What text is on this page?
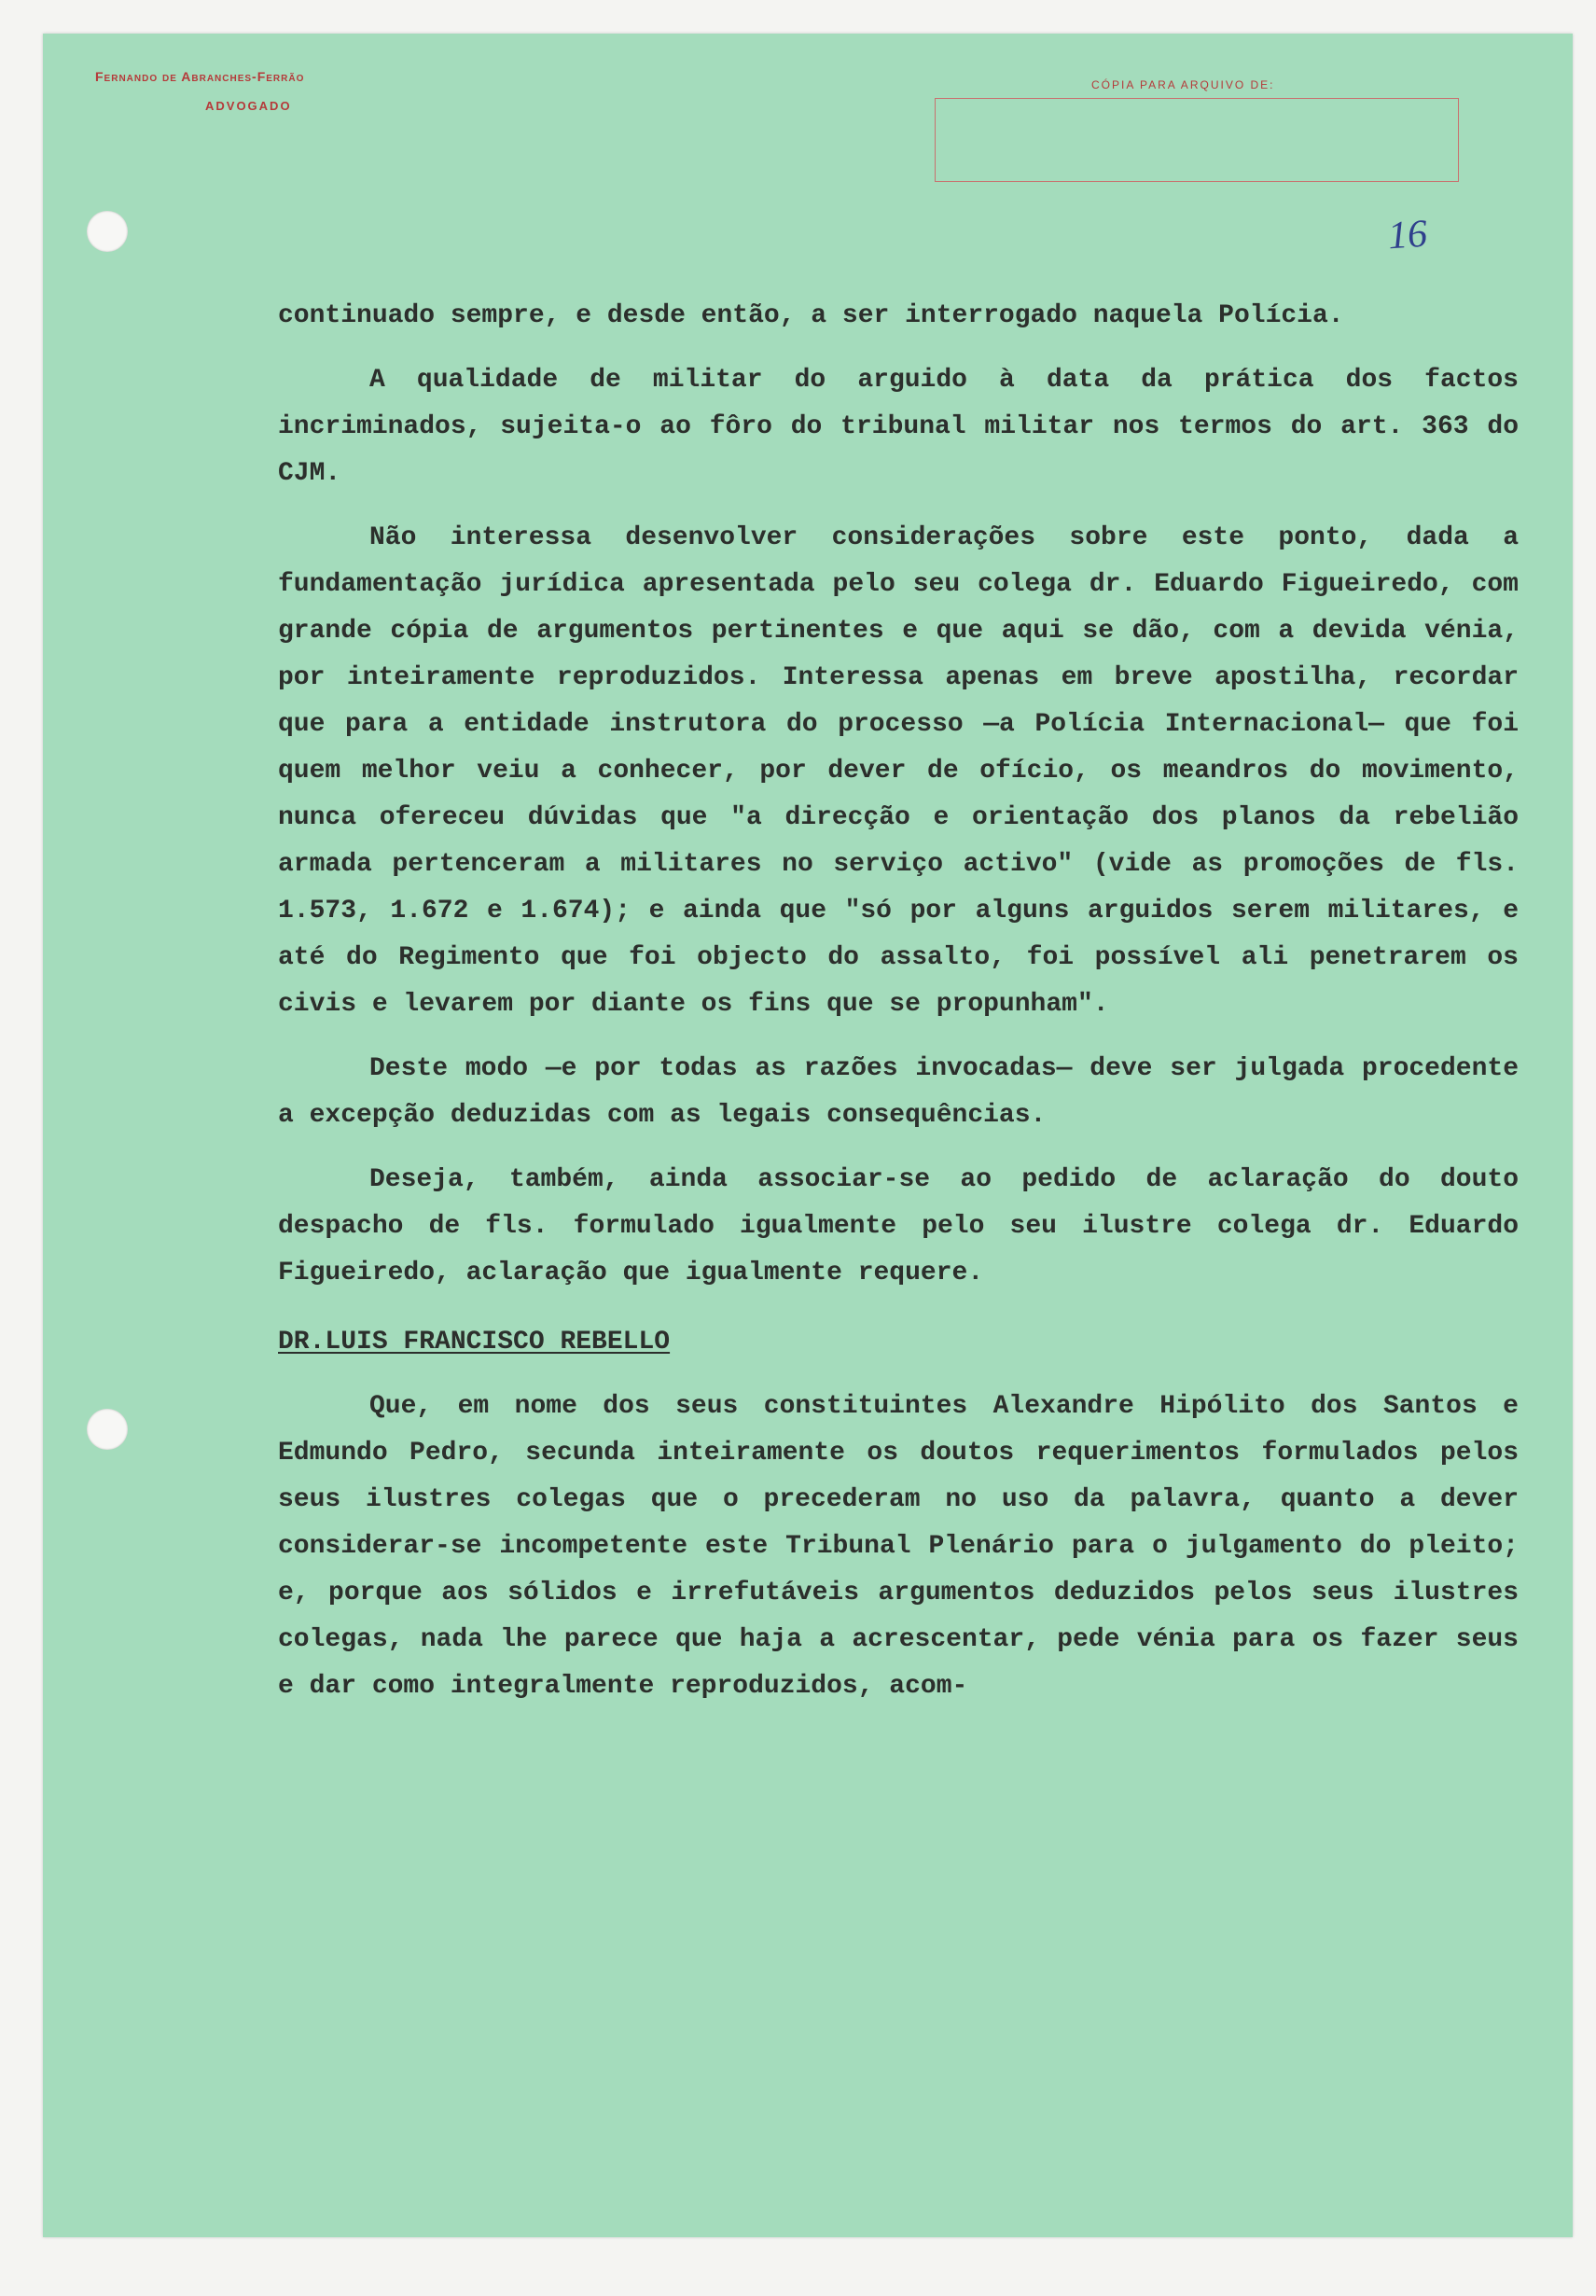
Fernando de Abranches-Ferrão
ADVOGADO
CÓPIA PARA ARQUIVO DE:
16

continuado sempre, e desde então, a ser interrogado naquela Polícia.

A qualidade de militar do arguido à data da prática dos factos incriminados, sujeita-o ao fôro do tribunal militar nos termos do art. 363 do CJM.

Não interessa desenvolver considerações sobre este ponto, dada a fundamentação jurídica apresentada pelo seu colega dr. Eduardo Figueiredo, com grande cópia de argumentos pertinentes e que aqui se dão, com a devida vénia, por inteiramente reproduzidos. Interessa apenas em breve apostilha, recordar que para a entidade instrutora do processo —a Polícia Internacional— que foi quem melhor veiu a conhecer, por dever de ofício, os meandros do movimento, nunca ofereceu dúvidas que "a direcção e orientação dos planos da rebelião armada pertenceram a militares no serviço activo" (vide as promoções de fls. 1.573, 1.672 e 1.674); e ainda que "só por alguns arguidos serem militares, e até do Regimento que foi objecto do assalto, foi possível ali penetrarem os civis e levarem por diante os fins que se propunham".

Deste modo —e por todas as razões invocadas— deve ser julgada procedente a excepção deduzidas com as legais consequências.

Deseja, também, ainda associar-se ao pedido de aclaração do douto despacho de fls. formulado igualmente pelo seu ilustre colega dr. Eduardo Figueiredo, aclaração que igualmente requere.

DR.LUIS FRANCISCO REBELLO

Que, em nome dos seus constituintes Alexandre Hipólito dos Santos e Edmundo Pedro, secunda inteiramente os doutos requerimentos formulados pelos seus ilustres colegas que o precederam no uso da palavra, quanto a dever considerar-se incompetente este Tribunal Plenário para o julgamento do pleito; e, porque aos sólidos e irrefutáveis argumentos deduzidos pelos seus ilustres colegas, nada lhe parece que haja a acrescentar, pede vénia para os fazer seus e dar como integralmente reproduzidos, acom-
